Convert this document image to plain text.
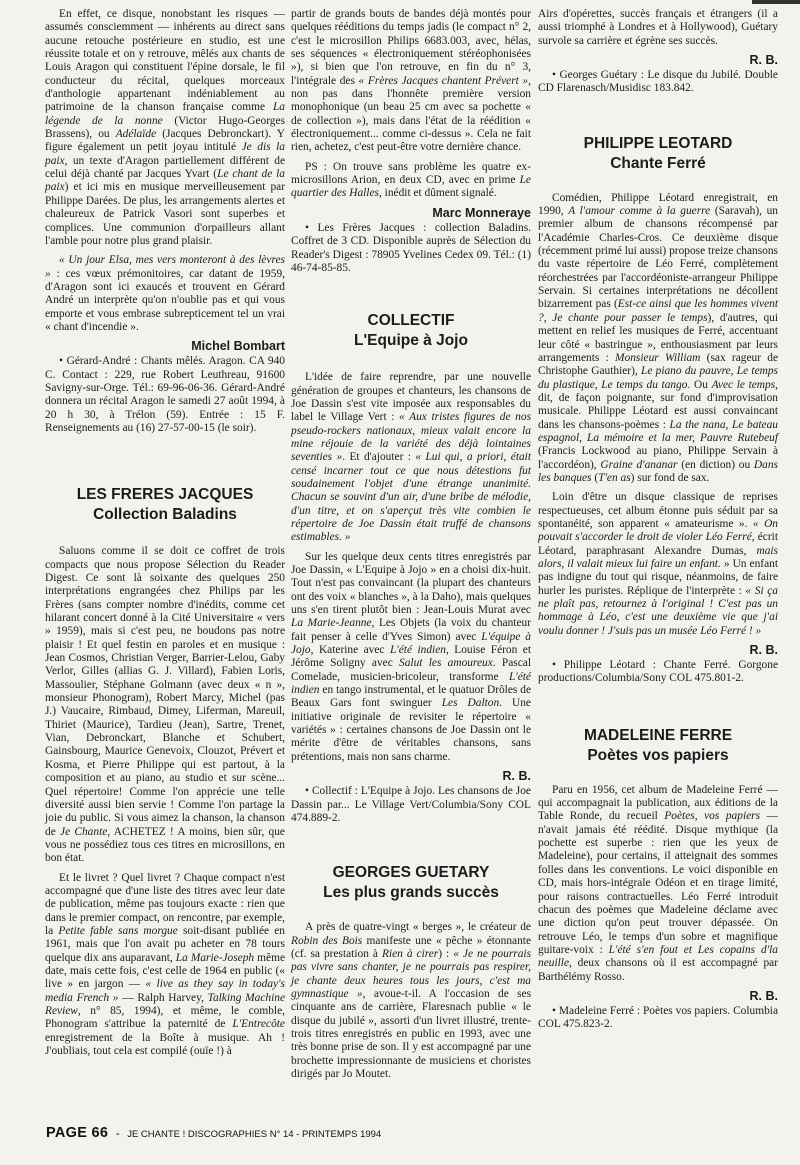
En effet, ce disque, nonobstant les risques — assumés consciemment — inhérents au direct sans aucune retouche postérieure en studio, est une réussite totale et on y retrouve, mêlés aux chants de Louis Aragon qui constituent l'épine dorsale, le fil conducteur du récital, quelques morceaux d'anthologie appartenant indéniablement au patrimoine de la chanson française comme La légende de la nonne (Victor Hugo-Georges Brassens), ou Adélaïde (Jacques Debronckart). Y figure également un petit joyau intitulé Je dis la paix, un texte d'Aragon partiellement différent de celui déjà chanté par Jacques Yvart (Le chant de la paix) et ici mis en musique merveilleusement par Philippe Darées. De plus, les arrangements alertes et chaleureux de Patrick Vasori sont superbes et complices. Une communion d'orpailleurs allant l'amble pour notre plus grand plaisir.

« Un jour Elsa, mes vers monteront à des lèvres » : ces vœux prémonitoires, car datant de 1959, d'Aragon sont ici exaucés et trouvent en Gérard André un interprète qu'on n'oublie pas et qui vous emporte et vous embrase subrepticement tel un vrai « chant d'incendie ».

Michel Bombart

• Gérard-André : Chants mêlés. Aragon. CA 940 C. Contact : 229, rue Robert Leuthreau, 91600 Savigny-sur-Orge. Tél.: 69-96-06-36. Gérard-André donnera un récital Aragon le samedi 27 août 1994, à 20 h 30, à Trélon (59). Entrée : 15 F. Renseignements au (16) 27-57-00-15 (le soir).

LES FRERES JACQUES
Collection Baladins

Saluons comme il se doit ce coffret de trois compacts que nous propose Sélection du Reader Digest. Ce sont là soixante des quelques 250 interprétations engrangées chez Philips par les Frères (sans compter nombre d'inédits, comme cet hilarant concert donné à la Cité Universitaire « vers » 1959), mais si c'est peu, ne boudons pas notre plaisir ! Et quel festin en paroles et en musique : Jean Cosmos, Christian Verger, Barrier-Lelou, Gaby Verlor, Gilles (allias G. J. Villard), Fabien Loris, Massoulier, Stéphane Golmann (avec deux « n », monsieur Phonogram), Robert Marcy, Michel (pas J.) Vaucaire, Rimbaud, Dimey, Liferman, Mareuil, Thiriet (Maurice), Tardieu (Jean), Sartre, Trenet, Vian, Debronckart, Blanche et Schubert, Gainsbourg, Maurice Genevoix, Clouzot, Prévert et Kosma, et Pierre Philippe qui est partout, à la composition et au piano, au studio et sur scène... Quel répertoire! Comme l'on apprécie une telle diversité aussi bien servie ! Comme l'on partage la joie du public. Si vous aimez la chanson, la chanson de Je Chante, ACHETEZ ! A moins, bien sûr, que vous ne possédiez tous ces titres en microsillons, en bon état.

Et le livret ? Quel livret ? Chaque compact n'est accompagné que d'une liste des titres avec leur date de publication, même pas toujours exacte : rien que dans le premier compact, on rencontre, par exemple, la Petite fable sans morgue soit-disant publiée en 1961, mais que l'on avait pu acheter en 78 tours quelque dix ans auparavant, La Marie-Joseph même date, mais cette fois, c'est celle de 1964 en public (« live » en jargon — « live as they say in today's media French » — Ralph Harvey, Talking Machine Review, n° 85, 1994), et même, le comble, Phonogram s'attribue la paternité de L'Entrecôte enregistrement de la Boîte à musique. Ah ! J'oubliais, tout cela est compilé (ouïe !) à

partir de grands bouts de bandes déjà montés pour quelques rééditions du temps jadis (le compact n° 2, c'est le microsillon Philips 6683.003, avec, hélas, ses séquences « électroniquement stéréophonisées »), si bien que l'on retrouve, en fin du n° 3, l'intégrale des « Frères Jacques chantent Prévert », non pas dans l'honnête première version monophonique (un beau 25 cm avec sa pochette « de collection »), mais dans l'état de la réédition « électroniquement... comme ci-dessus ». Cela ne fait rien, achetez, c'est peut-être votre dernière chance.

PS : On trouve sans problème les quatre ex-microsillons Arion, en deux CD, avec en prime Le quartier des Halles, inédit et dûment signalé.

Marc Monneraye

• Les Frères Jacques : collection Baladins. Coffret de 3 CD. Disponible auprès de Sélection du Reader's Digest : 78905 Yvelines Cedex 09. Tél.: (1) 46-74-85-85.

COLLECTIF
L'Equipe à Jojo

L'idée de faire reprendre, par une nouvelle génération de groupes et chanteurs, les chansons de Joe Dassin s'est vite imposée aux responsables du label le Village Vert : « Aux tristes figures de nos pseudo-rockers nationaux, mieux valait encore la mine réjouie de la variété des déjà lointaines seventies ». Et d'ajouter : « Lui qui, a priori, était censé incarner tout ce que nous détestions fut soudainement l'objet d'une étrange unanimité. Chacun se souvint d'un air, d'une bribe de mélodie, d'un titre, et on s'aperçut très vite combien le répertoire de Joe Dassin était truffé de chansons estimables. »

Sur les quelque deux cents titres enregistrés par Joe Dassin, « L'Equipe à Jojo » en a choisi dix-huit. Tout n'est pas convaincant (la plupart des chanteurs ont des voix « blanches », à la Daho), mais quelques uns s'en tirent plutôt bien : Jean-Louis Murat avec La Marie-Jeanne, Les Objets (la voix du chanteur fait penser à celle d'Yves Simon) avec L'équipe à Jojo, Katerine avec L'été indien, Louise Féron et Jérôme Soligny avec Salut les amoureux. Pascal Comelade, musicien-bricoleur, transforme L'été indien en tango instrumental, et le quatuor Drôles de Beaux Gars font swinguer Les Dalton. Une initiative originale de revisiter le répertoire « variétés » : certaines chansons de Joe Dassin ont le mérite d'être de véritables chansons, sans prétentions, mais non sans charme.

R. B.

• Collectif : L'Equipe à Jojo. Les chansons de Joe Dassin par... Le Village Vert/Columbia/Sony COL 474.889-2.

GEORGES GUETARY
Les plus grands succès

A près de quatre-vingt « berges », le créateur de Robin des Bois manifeste une « pêche » étonnante (cf. sa prestation à Rien à cirer) : « Je ne pourrais pas vivre sans chanter, je ne pourrais pas respirer, je chante deux heures tous les jours, c'est ma gymnastique », avoue-t-il. A l'occasion de ses cinquante ans de carrière, Flaresnach publie « le disque du jubilé », assorti d'un livret illustré, trente-trois titres enregistrés en public en 1993, avec une très bonne prise de son. Il y est accompagné par une brochette impressionnante de musiciens et choristes dirigés par Jo Moutet.

Airs d'opérettes, succès français et étrangers (il a aussi triomphé à Londres et à Hollywood), Guétary survole sa carrière et égrène ses succès.

R. B.

• Georges Guétary : Le disque du Jubilé. Double CD Flarenasch/Musidisc 183.842.

PHILIPPE LEOTARD
Chante Ferré

Comédien, Philippe Léotard enregistrait, en 1990, A l'amour comme à la guerre (Saravah), un premier album de chansons récompensé par l'Académie Charles-Cros. Ce deuxième disque (récemment primé lui aussi) propose treize chansons du vaste répertoire de Léo Ferré, complètement réorchestrées par l'accordéoniste-arrangeur Philippe Servain. Si certaines interprétations ne décollent bizarrement pas (Est-ce ainsi que les hommes vivent ?, Je chante pour passer le temps), d'autres, qui mettent en relief les musiques de Ferré, accentuant leur côté « bastringue », enthousiasment par leurs arrangements : Monsieur William (sax rageur de Christophe Gauthier), Le piano du pauvre, Le temps du plastique, Le temps du tango. Ou Avec le temps, dit, de façon poignante, sur fond d'improvisation musicale. Philippe Léotard est aussi convaincant dans les chansons-poèmes : La the nana, Le bateau espagnol, La mémoire et la mer, Pauvre Rutebeuf (Francis Lockwood au piano, Philippe Servain à l'accordéon), Graine d'ananar (en diction) ou Dans les banques (T'en as) sur fond de sax.

Loin d'être un disque classique de reprises respectueuses, cet album étonne puis séduit par sa spontanéité, son apparent « amateurisme ». « On pouvait s'accorder le droit de violer Léo Ferré, écrit Léotard, paraphrasant Alexandre Dumas, mais alors, il valait mieux lui faire un enfant. » Un enfant pas indigne du tout qui risque, néanmoins, de faire hurler les puristes. Réplique de l'interprète : « Si ça ne plaît pas, retournez à l'original ! C'est pas un hommage à Léo, c'est une deuxième vie que j'ai voulu donner ! J'suis pas un musée Léo Ferré ! »

R. B.

• Philippe Léotard : Chante Ferré. Gorgone productions/Columbia/Sony COL 475.801-2.

MADELEINE FERRE
Poètes vos papiers

Paru en 1956, cet album de Madeleine Ferré — qui accompagnait la publication, aux éditions de la Table Ronde, du recueil Poètes, vos papiers — n'avait jamais été réédité. Disque mythique (la pochette est superbe : rien que les yeux de Madeleine), pour certains, il atteignait des sommes folles dans les conventions. Le voici disponible en CD, mais hors-intégrale Odéon et en tirage limité, pour raisons contractuelles. Léo Ferré introduit chacun des poèmes que Madeleine déclame avec une diction qu'on peut trouver dépassée. On retrouve Léo, le temps d'un sobre et magnifique guitare-voix : L'été s'en fout et Les copains d'la neuille, deux chansons où il est accompagné par Barthélémy Rosso.

R. B.

• Madeleine Ferré : Poètes vos papiers. Columbia COL 475.823-2.

PAGE 66 - JE CHANTE ! DISCOGRAPHIES N° 14 - PRINTEMPS 1994
